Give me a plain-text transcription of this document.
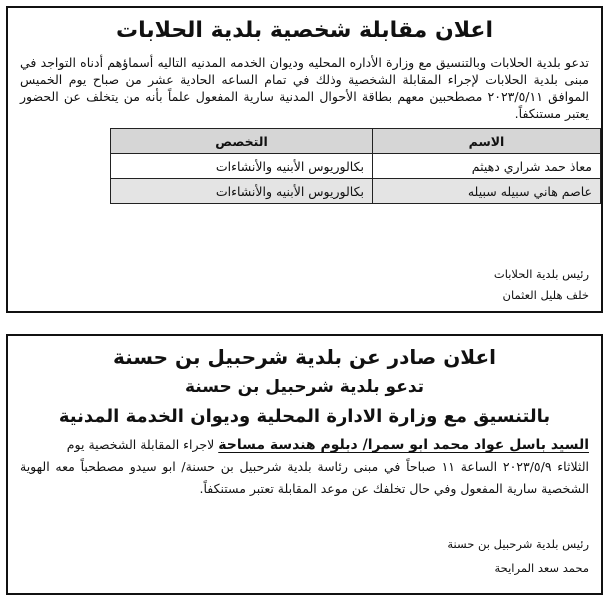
اعلان مقابلة شخصية بلدية الحلابات

تدعو بلدية الحلابات وبالتنسيق مع وزارة الأداره المحليه وديوان الخدمه المدنيه التاليه أسماؤهم أدناه التواجد في مبنى بلدية الحلابات لإجراء المقابلة الشخصية وذلك في تمام الساعه الحادية عشر من صباح يوم الخميس الموافق ٢٠٢٣/٥/١١ مصطحبين معهم بطاقة الأحوال المدنية سارية المفعول علماً بأنه من يتخلف عن الحضور يعتبر مستنكفاً.

الاسم	التخصص
معاذ حمد شراري دهيثم	بكالوريوس الأبنيه والأنشاءات
عاصم هاني سبيله سبيله	بكالوريوس الأبنيه والأنشاءات
رئيس بلدية الحلابات
خلف هليل العثمان
اعلان صادر عن بلدية شرحبيل بن حسنة

تدعو بلدية شرحبيل بن حسنة

بالتنسيق مع وزارة الادارة المحلية وديوان الخدمة المدنية

السيد باسل عواد محمد ابو سمرا/ دبلوم هندسة مساحة لاجراء المقابلة الشخصية يوم

الثلاثاء ٢٠٢٣/٥/٩ الساعة ١١ صباحاً في مبنى رئاسة بلدية شرحبيل بن حسنة/ ابو سيدو مصطحباً معه الهوية الشخصية سارية المفعول وفي حال تخلفك عن موعد المقابلة تعتبر مستنكفاً.

رئيس بلدية شرحبيل بن حسنة
محمد سعد المرايحة
